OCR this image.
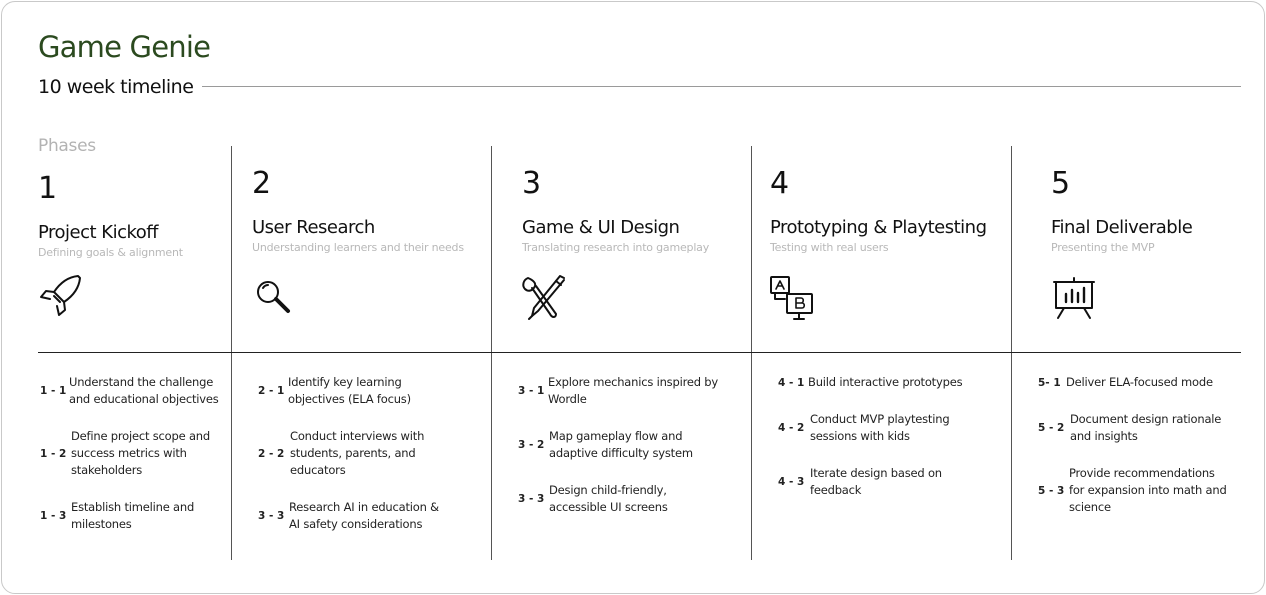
Game Genie
10 week timeline
Phases
1
Project Kickoff
Defining goals & alignment
1 - 1
Understand the challenge and educational objectives
1 - 2
Define project scope and success metrics with stakeholders
1 - 3
Establish timeline and milestones
2
User Research
Understanding learners and their needs
2 - 1
Identify key learning objectives (ELA focus)
2 - 2
Conduct interviews with students, parents, and educators
3 - 3
Research AI in education & AI safety considerations
3
Game & UI Design
Translating research into gameplay
3 - 1
Explore mechanics inspired by Wordle
3 - 2
Map gameplay flow and adaptive difficulty system
3 - 3
Design child-friendly, accessible UI screens
4
Prototyping & Playtesting
Testing with real users
4 - 1 Build interactive prototypes
4 - 2
Conduct MVP playtesting sessions with kids
4 - 3
Iterate design based on feedback
5
Final Deliverable
Presenting the MVP
5- 1 Deliver ELA-focused mode
5 - 2
Document design rationale and insights
5 - 3
Provide recommendations for expansion into math and science
